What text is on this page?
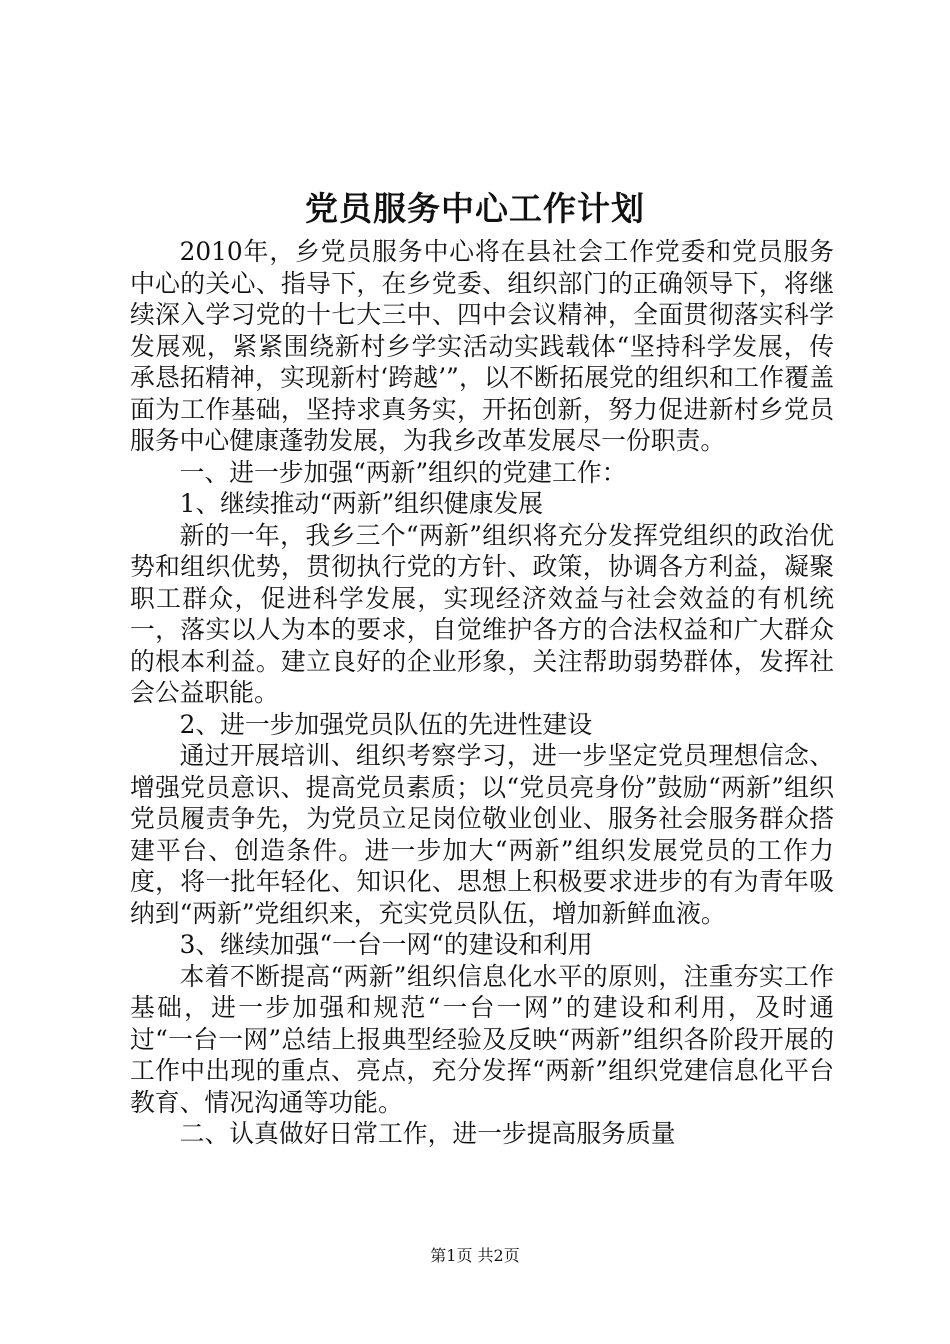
党员服务中心工作计划

2010年，乡党员服务中心将在县社会工作党委和党员服务中心的关心、指导下，在乡党委、组织部门的正确领导下，将继续深入学习党的十七大三中、四中会议精神，全面贯彻落实科学发展观，紧紧围绕新村乡学实活动实践载体“坚持科学发展，传承恳拓精神，实现新村‘跨越’”，以不断拓展党的组织和工作覆盖面为工作基础，坚持求真务实，开拓创新，努力促进新村乡党员服务中心健康蓬勃发展，为我乡改革发展尽一份职责。

一、进一步加强“两新”组织的党建工作：

1、继续推动“两新”组织健康发展

新的一年，我乡三个“两新”组织将充分发挥党组织的政治优势和组织优势，贯彻执行党的方针、政策，协调各方利益，凝聚职工群众，促进科学发展，实现经济效益与社会效益的有机统一，落实以人为本的要求，自觉维护各方的合法权益和广大群众的根本利益。建立良好的企业形象，关注帮助弱势群体，发挥社会公益职能。

2、进一步加强党员队伍的先进性建设

通过开展培训、组织考察学习，进一步坚定党员理想信念、增强党员意识、提高党员素质；以“党员亮身份”鼓励“两新”组织党员履责争先，为党员立足岗位敬业创业、服务社会服务群众搭建平台、创造条件。进一步加大“两新”组织发展党员的工作力度，将一批年轻化、知识化、思想上积极要求进步的有为青年吸纳到“两新”党组织来，充实党员队伍，增加新鲜血液。

3、继续加强“一台一网“的建设和利用

本着不断提高“两新”组织信息化水平的原则，注重夯实工作基础，进一步加强和规范“一台一网”的建设和利用，及时通过“一台一网”总结上报典型经验及反映“两新”组织各阶段开展的工作中出现的重点、亮点，充分发挥“两新”组织党建信息化平台教育、情况沟通等功能。

二、认真做好日常工作，进一步提高服务质量

第1页 共2页
